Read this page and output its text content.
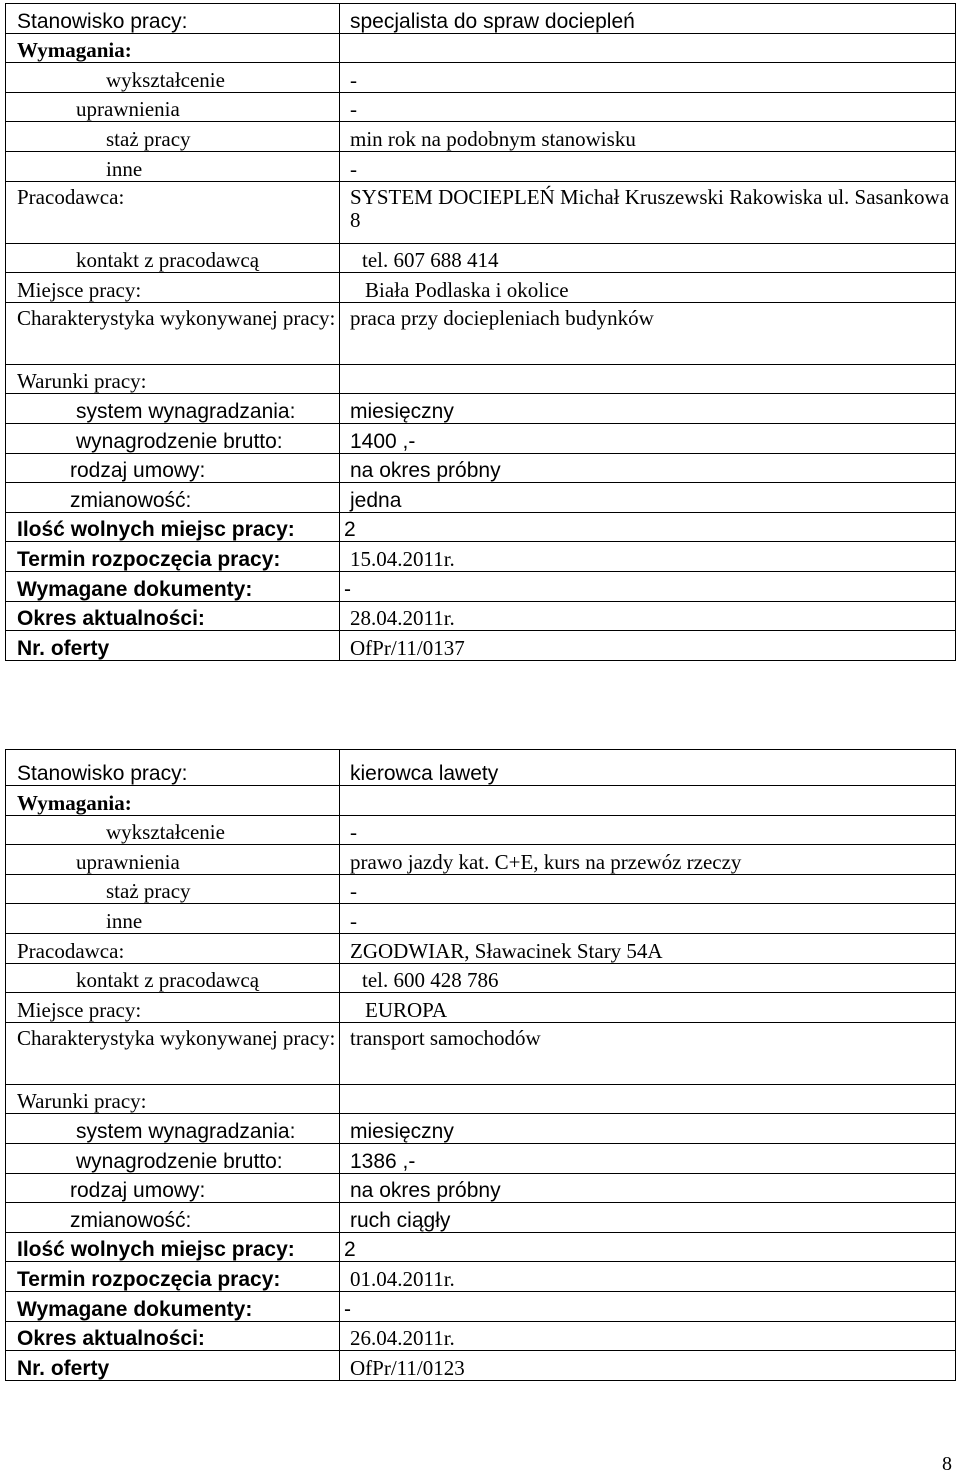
Stanowisko pracy:	specjalista do spraw dociepleń
Wymagania:	
wykształcenie	-
uprawnienia	-
staż pracy	min rok na podobnym stanowisku
inne	-
Pracodawca:	SYSTEM DOCIEPLEŃ Michał Kruszewski Rakowiska ul. Sasankowa 8
kontakt z pracodawcą	tel. 607 688 414
Miejsce pracy:	Biała Podlaska i okolice
Charakterystyka wykonywanej pracy:	praca przy dociepleniach budynków
Warunki pracy:	
system wynagradzania:	miesięczny
wynagrodzenie brutto:	1400 ,-
rodzaj umowy:	na okres próbny
zmianowość:	jedna
Ilość wolnych miejsc pracy:	2
Termin rozpoczęcia pracy:	15.04.2011r.
Wymagane dokumenty:	-
Okres aktualności:	28.04.2011r.
Nr. oferty	OfPr/11/0137
Stanowisko pracy:	kierowca lawety
Wymagania:	
wykształcenie	-
uprawnienia	prawo jazdy kat. C+E, kurs na przewóz rzeczy
staż pracy	-
inne	-
Pracodawca:	ZGODWIAR, Sławacinek Stary 54A
kontakt z pracodawcą	tel. 600 428 786
Miejsce pracy:	EUROPA
Charakterystyka wykonywanej pracy:	transport samochodów
Warunki pracy:	
system wynagradzania:	miesięczny
wynagrodzenie brutto:	1386 ,-
rodzaj umowy:	na okres próbny
zmianowość:	ruch ciągły
Ilość wolnych miejsc pracy:	2
Termin rozpoczęcia pracy:	01.04.2011r.
Wymagane dokumenty:	-
Okres aktualności:	26.04.2011r.
Nr. oferty	OfPr/11/0123
8
